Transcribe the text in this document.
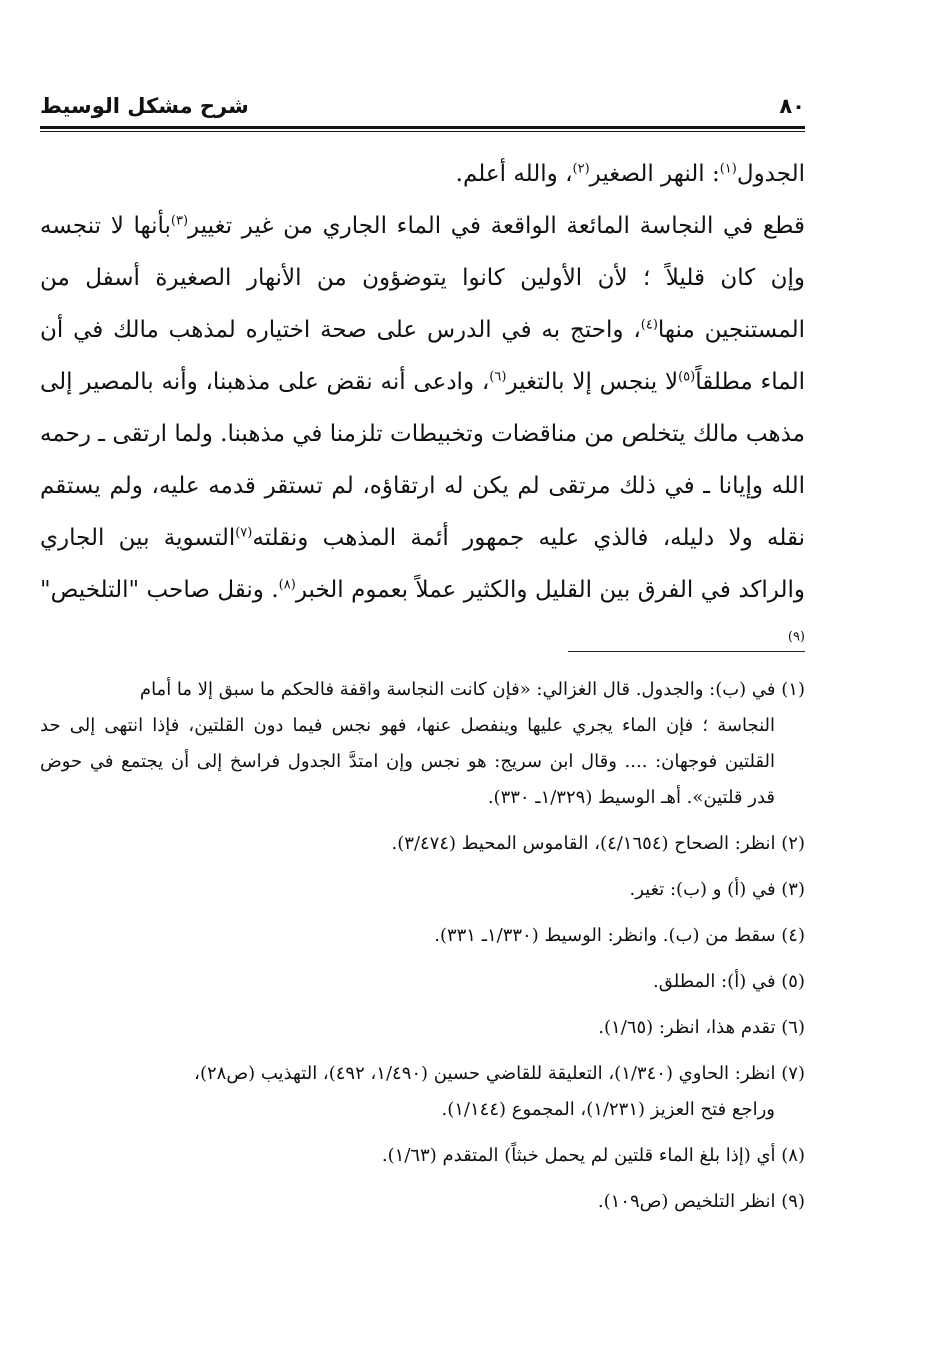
٨٠
شرح مشكل الوسيط

الجدول$^{(١)}$: النهر الصغير$^{(٢)}$، والله أعلم.

قطع في النجاسة المائعة الواقعة في الماء الجاري من غير تغيير$^{(٣)}$بأنها لا تنجسه وإن كان قليلاً ؛ لأن الأولين كانوا يتوضؤون من الأنهار الصغيرة أسفل من المستنجين منها$^{(٤)}$، واحتج به في الدرس على صحة اختياره لمذهب مالك في أن الماء مطلقاً$^{(٥)}$لا ينجس إلا بالتغير$^{(٦)}$، وادعى أنه نقض على مذهبنا، وأنه بالمصير إلى مذهب مالك يتخلص من مناقضات وتخبيطات تلزمنا في مذهبنا. ولما ارتقى ـ رحمه الله وإيانا ـ في ذلك مرتقى لم يكن له ارتقاؤه، لم تستقر قدمه عليه، ولم يستقم نقله ولا دليله، فالذي عليه جمهور أئمة المذهب ونقلته$^{(٧)}$التسوية بين الجاري والراكد في الفرق بين القليل والكثير عملاً بعموم الخبر$^{(٨)}$. ونقل صاحب "التلخيص"$^{(٩)}$

(١) في (ب): والجدول. قال الغزالي: «فإن كانت النجاسة واقفة فالحكم ما سبق إلا ما أمام

النجاسة ؛ فإن الماء يجري عليها وينفصل عنها، فهو نجس فيما دون القلتين، فإذا انتهى إلى حد القلتين فوجهان: .... وقال ابن سريج: هو نجس وإن امتدَّ الجدول فراسخ إلى أن يجتمع في حوض قدر قلتين». أهـ الوسيط (١/٣٢٩ـ ٣٣٠).

(٢) انظر: الصحاح (٤/١٦٥٤)، القاموس المحيط (٣/٤٧٤).

(٣) في (أ) و (ب): تغير.

(٤) سقط من (ب). وانظر: الوسيط (١/٣٣٠ـ ٣٣١).

(٥) في (أ): المطلق.

(٦) تقدم هذا، انظر: (١/٦٥).

(٧) انظر: الحاوي (١/٣٤٠)، التعليقة للقاضي حسين (١/٤٩٠، ٤٩٢)، التهذيب (ص٢٨)،

وراجع فتح العزيز (١/٢٣١)، المجموع (١/١٤٤).

(٨) أي (إذا بلغ الماء قلتين لم يحمل خبثاً) المتقدم (١/٦٣).

(٩) انظر التلخيص (ص١٠٩).
